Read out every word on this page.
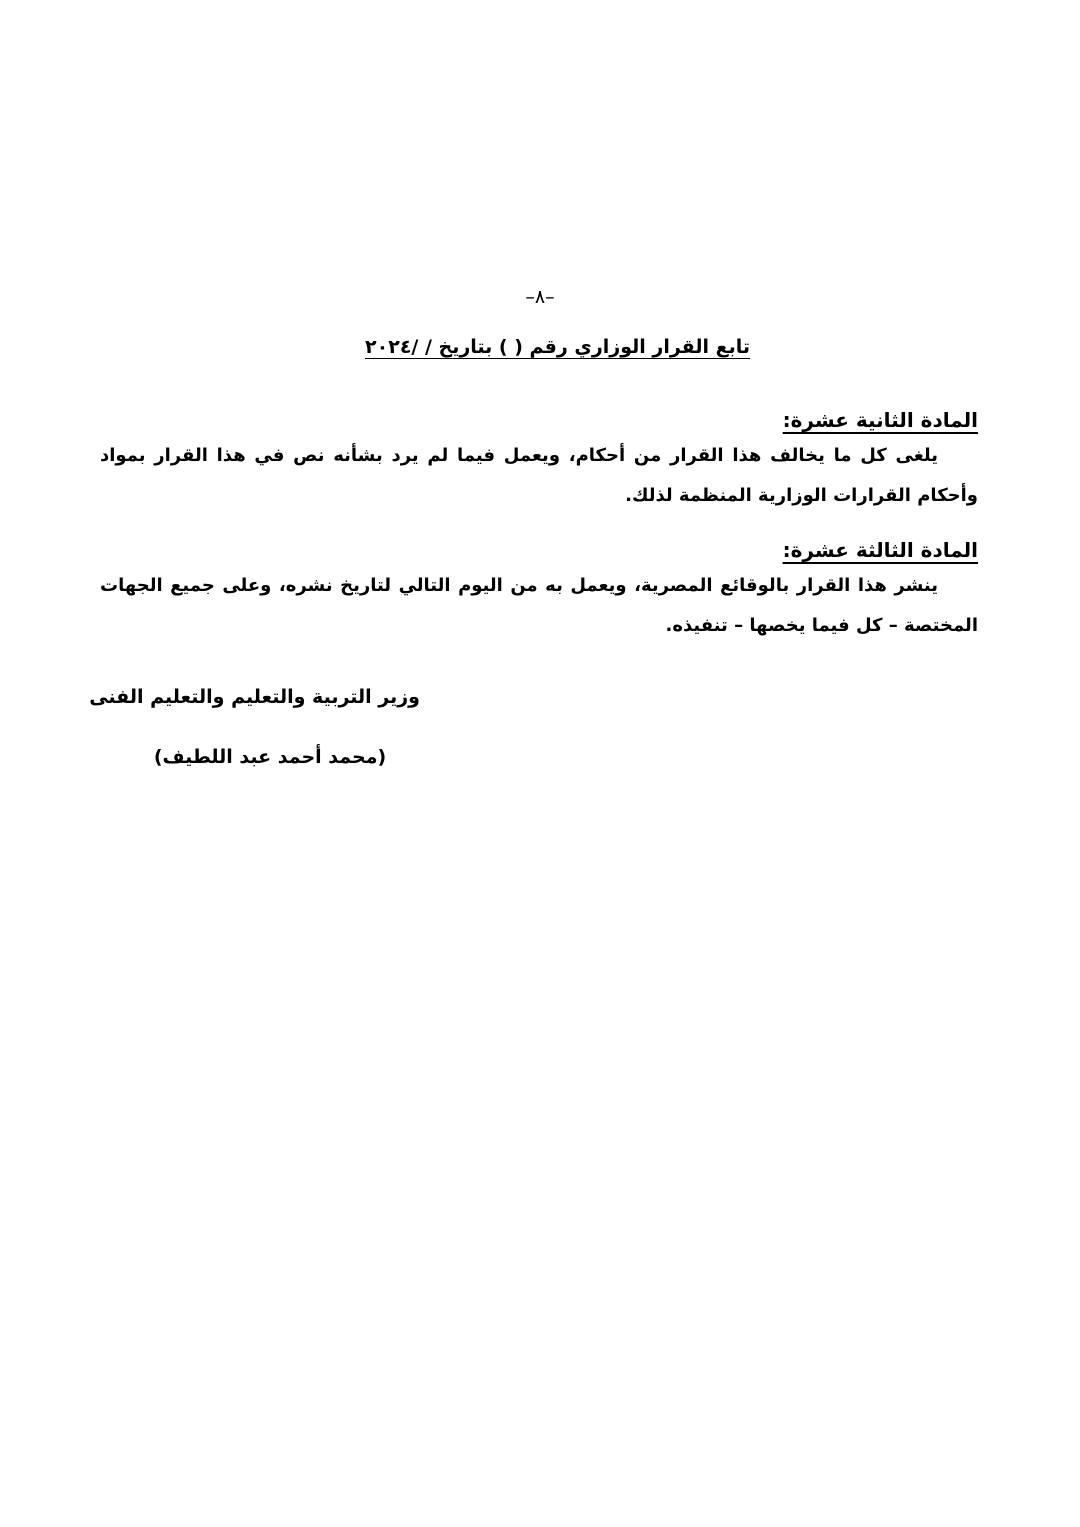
–٨–
تابع القرار الوزاري رقم ( ) بتاريخ / /٢٠٢٤
المادة الثانية عشرة:

يلغى كل ما يخالف هذا القرار من أحكام، ويعمل فيما لم يرد بشأنه نص في هذا القرار بمواد وأحكام القرارات الوزارية المنظمة لذلك.

المادة الثالثة عشرة:

ينشر هذا القرار بالوقائع المصرية، ويعمل به من اليوم التالي لتاريخ نشره، وعلى جميع الجهات المختصة – كل فيما يخصها – تنفيذه.

وزير التربية والتعليم والتعليم الفنى
(محمد أحمد عبد اللطيف)
